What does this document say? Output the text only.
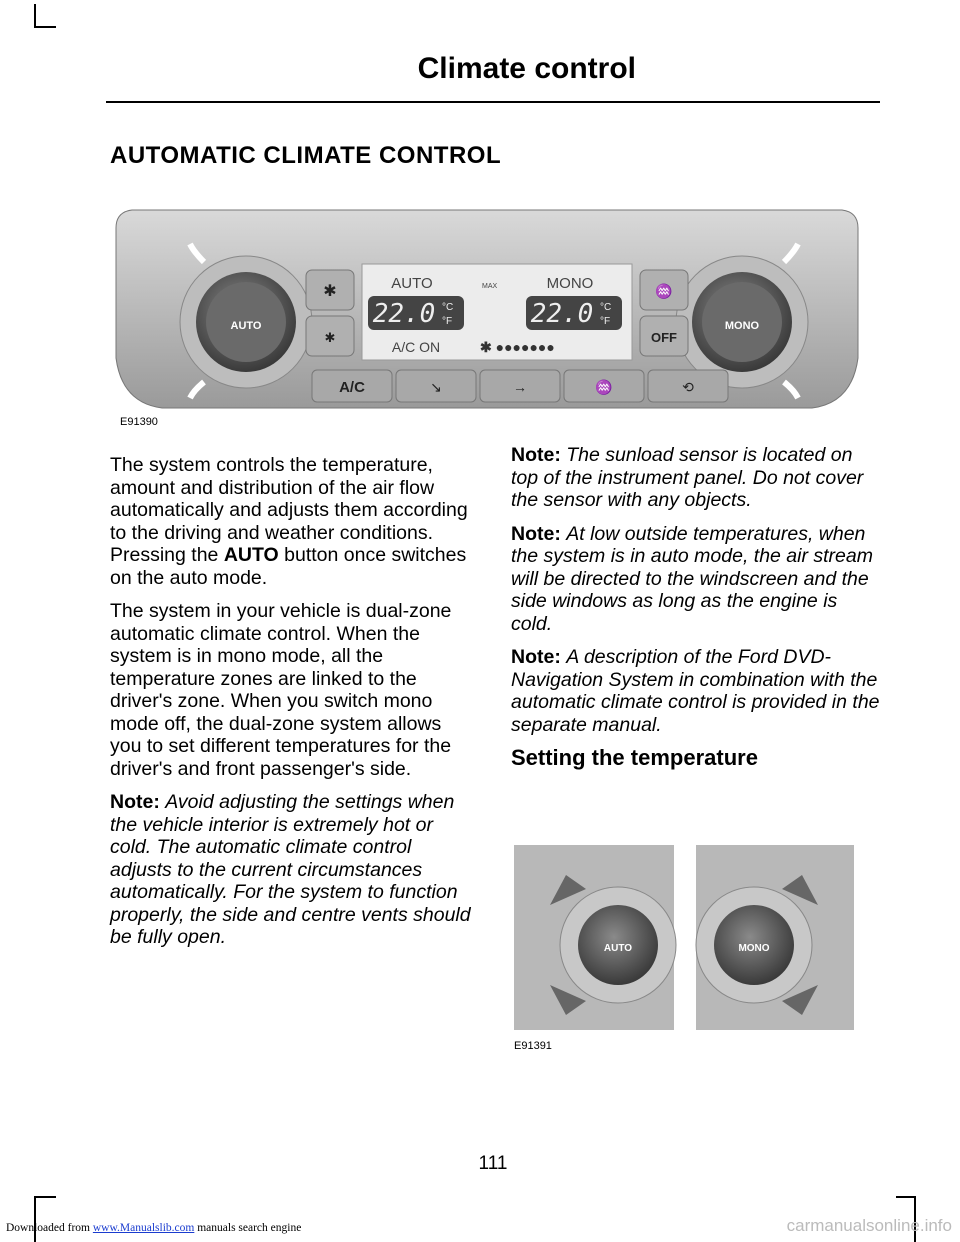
Climate control
AUTOMATIC CLIMATE CONTROL
AUTO	MONO
AUTO	MONO
MAX
22.0	22.0
°C
°F
°C
°F
A/C ON	✱ ●●●●●●●
✱
✱
♒
OFF
A/C	↘	→	♒	⟲
E91390

The system controls the temperature, amount and distribution of the air flow automatically and adjusts them according to the driving and weather conditions. Pressing the AUTO button once switches on the auto mode.

The system in your vehicle is dual-zone automatic climate control. When the system is in mono mode, all the temperature zones are linked to the driver's zone. When you switch mono mode off, the dual-zone system allows you to set different temperatures for the driver's and front passenger's side.

Note: Avoid adjusting the settings when the vehicle interior is extremely hot or cold. The automatic climate control adjusts to the current circumstances automatically. For the system to function properly, the side and centre vents should be fully open.

Note: The sunload sensor is located on top of the instrument panel. Do not cover the sensor with any objects.

Note: At low outside temperatures, when the system is in auto mode, the air stream will be directed to the windscreen and the side windows as long as the engine is cold.

Note: A description of the Ford DVD-Navigation System in combination with the automatic climate control is provided in the separate manual.

Setting the temperature
AUTO	MONO
E91391
111
Downloaded from www.Manualslib.com manuals search engine	carmanualsonline.info
